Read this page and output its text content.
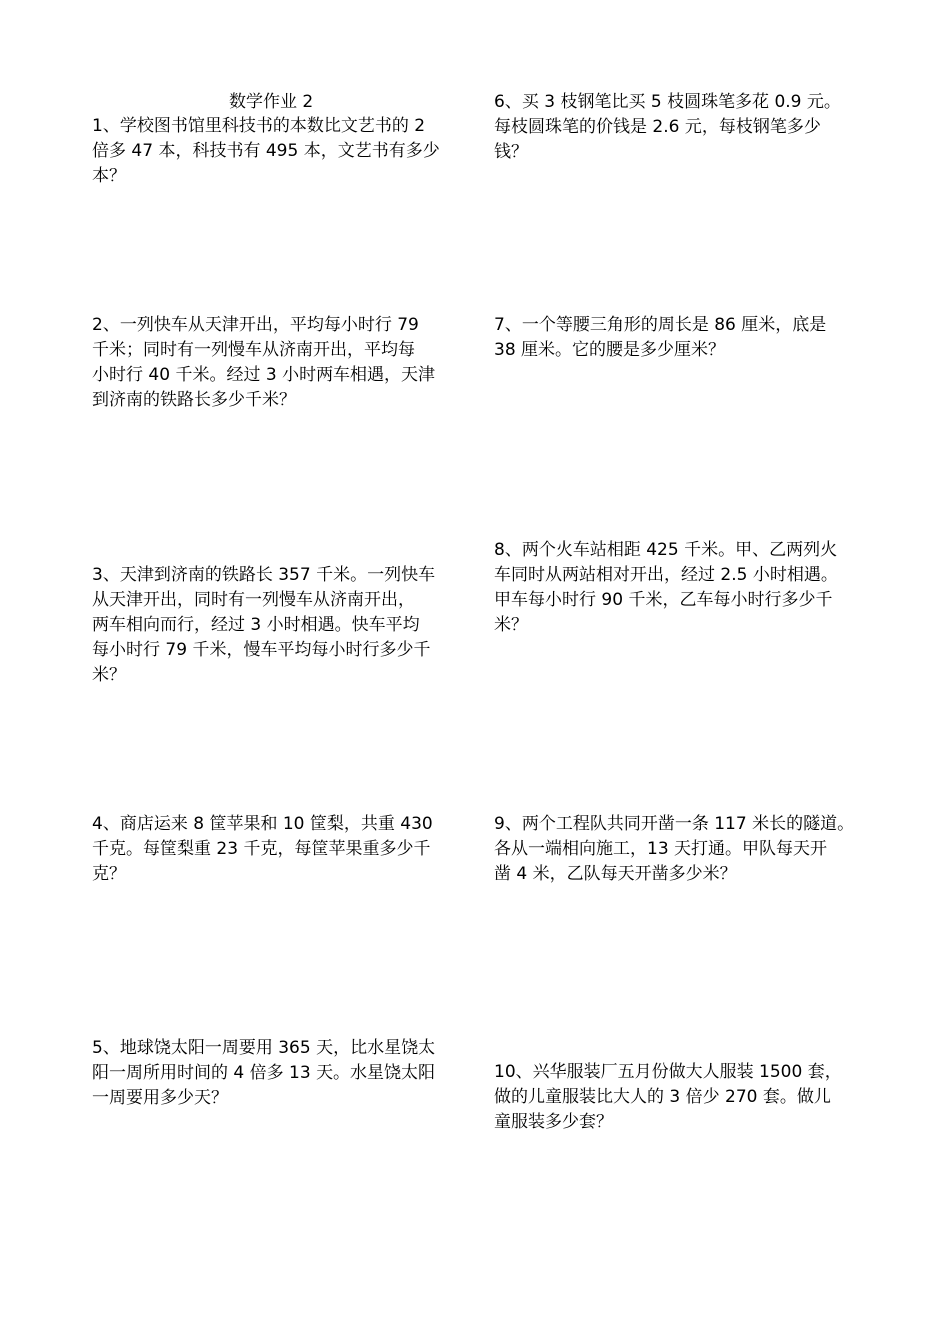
数学作业 2
1、学校图书馆里科技书的本数比文艺书的 2
倍多 47 本，科技书有 495 本，文艺书有多少
本？
2、一列快车从天津开出，平均每小时行 79
千米；同时有一列慢车从济南开出，平均每
小时行 40 千米。经过 3 小时两车相遇，天津
到济南的铁路长多少千米？
3、天津到济南的铁路长 357 千米。一列快车
从天津开出，同时有一列慢车从济南开出，
两车相向而行，经过 3 小时相遇。快车平均
每小时行 79 千米，慢车平均每小时行多少千
米？
4、商店运来 8 筐苹果和 10 筐梨，共重 430
千克。每筐梨重 23 千克，每筐苹果重多少千
克？
5、地球饶太阳一周要用 365 天，比水星饶太
阳一周所用时间的 4 倍多 13 天。水星饶太阳
一周要用多少天？
6、买 3 枝钢笔比买 5 枝圆珠笔多花 0.9 元。
每枝圆珠笔的价钱是 2.6 元，每枝钢笔多少
钱？
7、一个等腰三角形的周长是 86 厘米，底是
38 厘米。它的腰是多少厘米？
8、两个火车站相距 425 千米。甲、乙两列火
车同时从两站相对开出，经过 2.5 小时相遇。
甲车每小时行 90 千米，乙车每小时行多少千
米？
9、两个工程队共同开凿一条 117 米长的隧道。
各从一端相向施工，13 天打通。甲队每天开
凿 4 米，乙队每天开凿多少米？
10、兴华服装厂五月份做大人服装 1500 套，
做的儿童服装比大人的 3 倍少 270 套。做儿
童服装多少套？
